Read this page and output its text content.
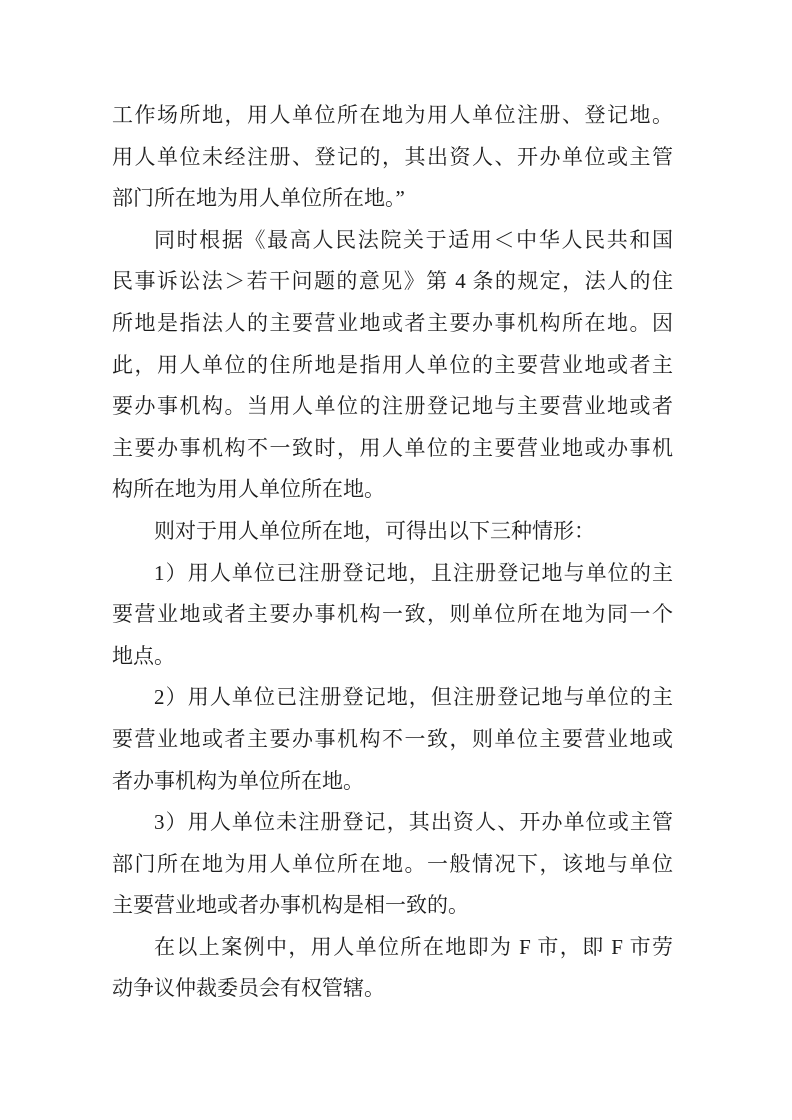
工作场所地，用人单位所在地为用人单位注册、登记地。
用人单位未经注册、登记的，其出资人、开办单位或主管
部门所在地为用人单位所在地。”
同时根据《最高人民法院关于适用＜中华人民共和国
民事诉讼法＞若干问题的意见》第 4 条的规定，法人的住
所地是指法人的主要营业地或者主要办事机构所在地。因
此，用人单位的住所地是指用人单位的主要营业地或者主
要办事机构。当用人单位的注册登记地与主要营业地或者
主要办事机构不一致时，用人单位的主要营业地或办事机
构所在地为用人单位所在地。
则对于用人单位所在地，可得出以下三种情形：
1）用人单位已注册登记地，且注册登记地与单位的主
要营业地或者主要办事机构一致，则单位所在地为同一个
地点。
2）用人单位已注册登记地，但注册登记地与单位的主
要营业地或者主要办事机构不一致，则单位主要营业地或
者办事机构为单位所在地。
3）用人单位未注册登记，其出资人、开办单位或主管
部门所在地为用人单位所在地。一般情况下，该地与单位
主要营业地或者办事机构是相一致的。
在以上案例中，用人单位所在地即为 F 市，即 F 市劳
动争议仲裁委员会有权管辖。
